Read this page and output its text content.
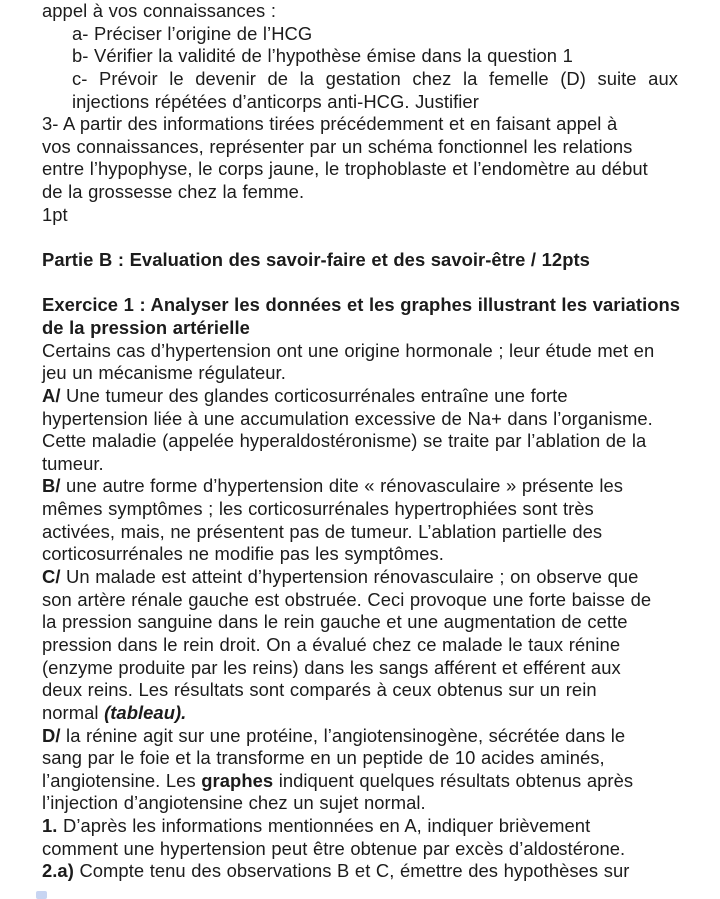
appel à vos connaissances :
a- Préciser l’origine de l’HCG
b- Vérifier la validité de l’hypothèse émise dans la question 1
c- Prévoir le devenir de la gestation chez la femelle (D) suite aux
injections répétées d’anticorps anti-HCG. Justifier
3- A partir des informations tirées précédemment et en faisant appel à
vos connaissances, représenter par un schéma fonctionnel les relations
entre l’hypophyse, le corps jaune, le trophoblaste et l’endomètre au début
de la grossesse chez la femme.
1pt
Partie B : Evaluation des savoir-faire et des savoir-être / 12pts
Exercice 1 : Analyser les données et les graphes illustrant les variations
de la pression artérielle
Certains cas d’hypertension ont une origine hormonale ; leur étude met en
jeu un mécanisme régulateur.
A/ Une tumeur des glandes corticosurrénales entraîne une forte
hypertension liée à une accumulation excessive de Na+ dans l’organisme.
Cette maladie (appelée hyperaldostéronisme) se traite par l’ablation de la
tumeur.
B/ une autre forme d’hypertension dite « rénovasculaire » présente les
mêmes symptômes ; les corticosurrénales hypertrophiées sont très
activées, mais, ne présentent pas de tumeur. L’ablation partielle des
corticosurrénales ne modifie pas les symptômes.
C/ Un malade est atteint d’hypertension rénovasculaire ; on observe que
son artère rénale gauche est obstruée. Ceci provoque une forte baisse de
la pression sanguine dans le rein gauche et une augmentation de cette
pression dans le rein droit. On a évalué chez ce malade le taux rénine
(enzyme produite par les reins) dans les sangs afférent et efférent aux
deux reins. Les résultats sont comparés à ceux obtenus sur un rein
normal (tableau).
D/ la rénine agit sur une protéine, l’angiotensinogène, sécrétée dans le
sang par le foie et la transforme en un peptide de 10 acides aminés,
l’angiotensine. Les graphes indiquent quelques résultats obtenus après
l’injection d’angiotensine chez un sujet normal.
1. D’après les informations mentionnées en A, indiquer brièvement
comment une hypertension peut être obtenue par excès d’aldostérone.
2.a) Compte tenu des observations B et C, émettre des hypothèses sur
